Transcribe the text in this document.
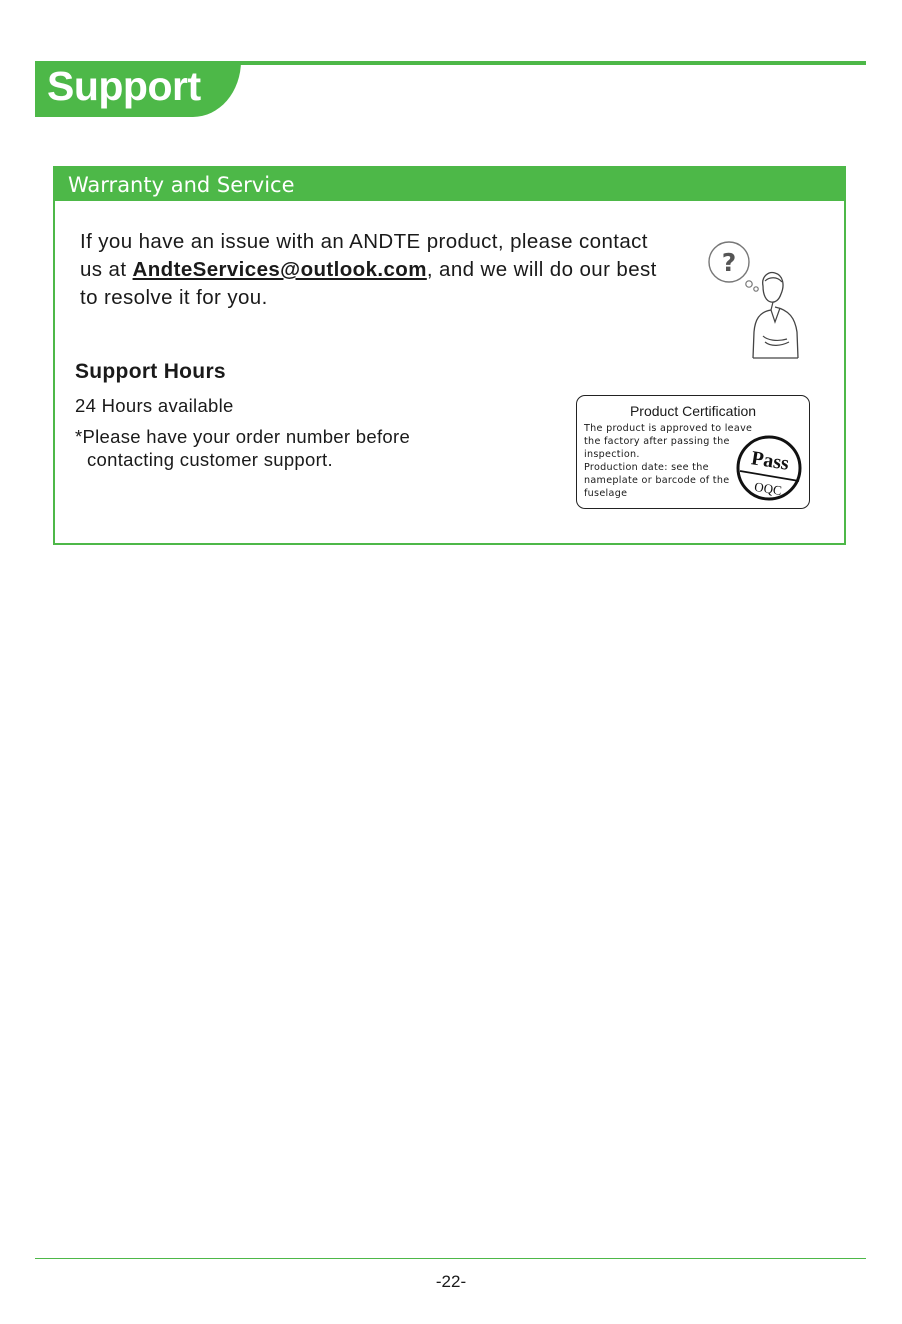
Support
Warranty and Service
If you have an issue with an ANDTE product, please contact us at AndteServices@outlook.com, and we will do our best to resolve it for you.
?
Support Hours
24 Hours available
*Please have your order number before
contacting customer support.
Product Certification
The product is approved to leave
the factory after passing the
inspection.
Production date: see the
nameplate or barcode of the
fuselage
Pass
OQC
-22-
